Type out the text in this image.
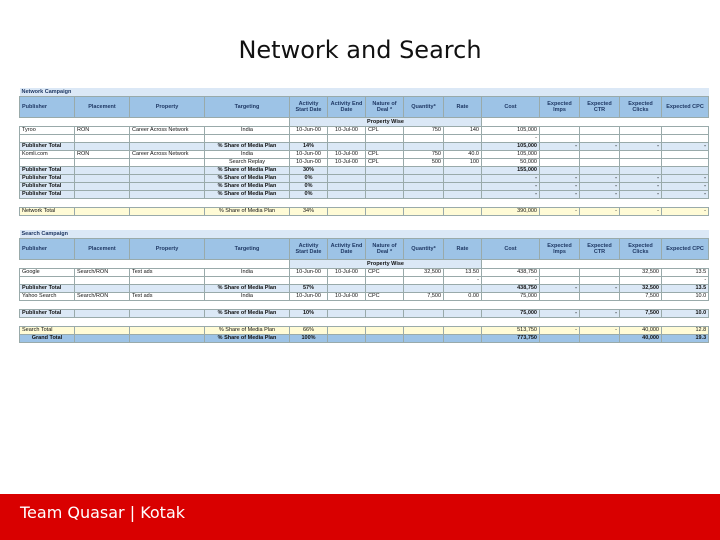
Network and Search
Network Campaign													
Publisher	Placement	Property	Targeting	Activity Start Date	Activity End Date	Nature of Deal *	Quantity*	Rate	Cost	Expected Imps	Expected CTR	Expected Clicks	Expected CPC
				Property Wise									
Tyroo	RON	Career Across Network	India	10-Jun-00	10-Jul-00	CPL	750	140	105,000				
									-				
Publisher Total			% Share of Media Plan	14%					105,000	-	-	-	-
Komli.com	RON	Career Across Network	India	10-Jun-00	10-Jul-00	CPL	750	40.0	105,000				
			Search Replay	10-Jun-00	10-Jul-00	CPL	500	100	50,000				
Publisher Total			% Share of Media Plan	30%					155,000				
Publisher Total			% Share of Media Plan	0%					-	-	-	-	-
Publisher Total			% Share of Media Plan	0%					-	-	-	-	-
Publisher Total			% Share of Media Plan	0%					-	-	-	-	-

Network Total			% Share of Media Plan	34%					390,000	-	-	-	-
Search Campaign													
Publisher	Placement	Property	Targeting	Activity Start Date	Activity End Date	Nature of Deal *	Quantity*	Rate	Cost	Expected Imps	Expected CTR	Expected Clicks	Expected CPC
				Property Wise									
Google	Search/RON	Text ads	India	10-Jun-00	10-Jul-00	CPC	32,500	13.50	438,750			32,500	13.5
								-	-				-
Publisher Total			% Share of Media Plan	57%					438,750	-	-	32,500	13.5
Yahoo Search	Search/RON	Text ads	India	10-Jun-00	10-Jul-00	CPC	7,500	0.00	75,000			7,500	10.0

Publisher Total			% Share of Media Plan	10%					75,000	-	-	7,500	10.0

Search Total			% Share of Media Plan	66%					513,750	-	-	40,000	12.8
Grand Total			% Share of Media Plan	100%					773,750			40,000	19.3
Team Quasar | Kotak
